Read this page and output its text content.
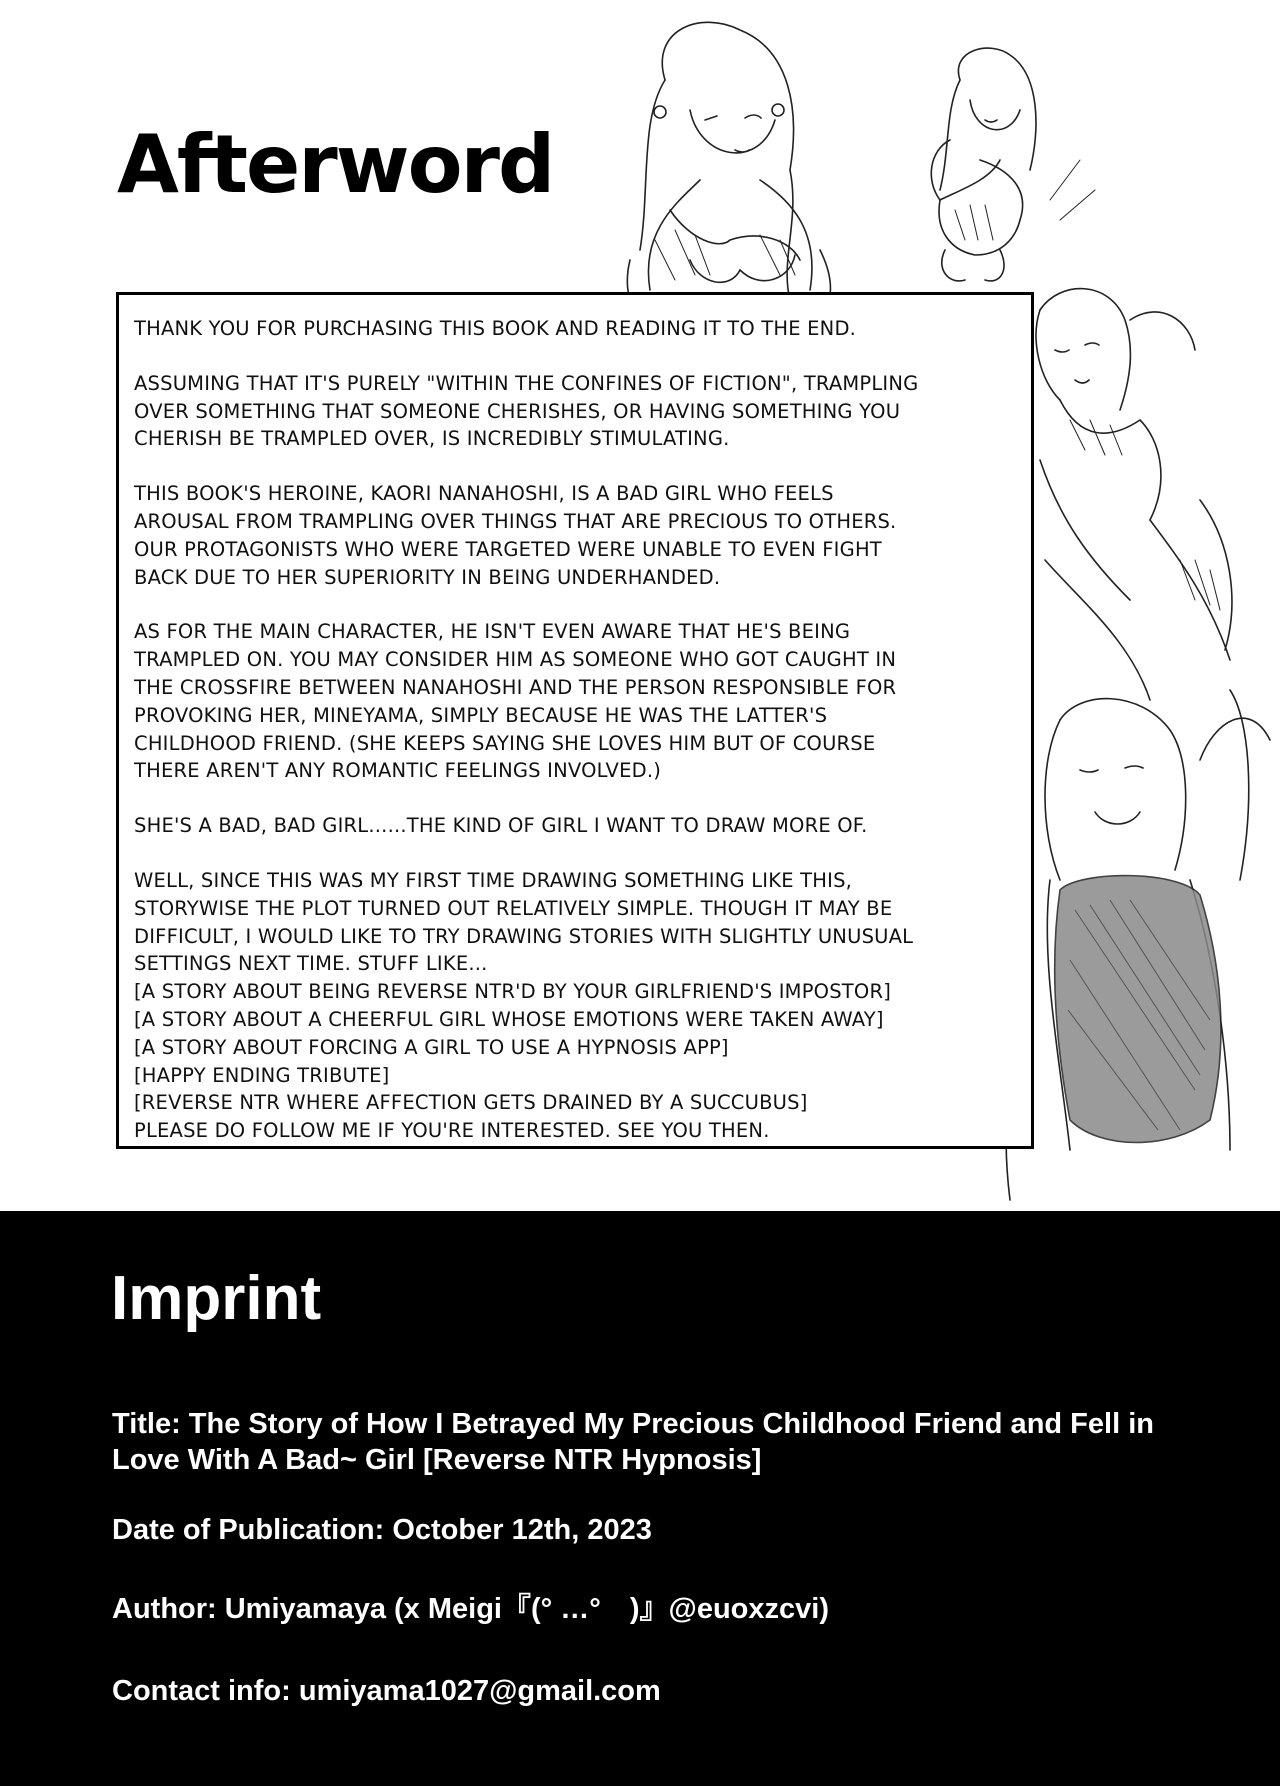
Afterword

THANK YOU FOR PURCHASING THIS BOOK AND READING IT TO THE END.

ASSUMING THAT IT'S PURELY "WITHIN THE CONFINES OF FICTION", TRAMPLING
OVER SOMETHING THAT SOMEONE CHERISHES, OR HAVING SOMETHING YOU
CHERISH BE TRAMPLED OVER, IS INCREDIBLY STIMULATING.

THIS BOOK'S HEROINE, KAORI NANAHOSHI, IS A BAD GIRL WHO FEELS
AROUSAL FROM TRAMPLING OVER THINGS THAT ARE PRECIOUS TO OTHERS.
OUR PROTAGONISTS WHO WERE TARGETED WERE UNABLE TO EVEN FIGHT
BACK DUE TO HER SUPERIORITY IN BEING UNDERHANDED.

AS FOR THE MAIN CHARACTER, HE ISN'T EVEN AWARE THAT HE'S BEING
TRAMPLED ON. YOU MAY CONSIDER HIM AS SOMEONE WHO GOT CAUGHT IN
THE CROSSFIRE BETWEEN NANAHOSHI AND THE PERSON RESPONSIBLE FOR
PROVOKING HER, MINEYAMA, SIMPLY BECAUSE HE WAS THE LATTER'S
CHILDHOOD FRIEND. (SHE KEEPS SAYING SHE LOVES HIM BUT OF COURSE
THERE AREN'T ANY ROMANTIC FEELINGS INVOLVED.)

SHE'S A BAD, BAD GIRL......THE KIND OF GIRL I WANT TO DRAW MORE OF.

WELL, SINCE THIS WAS MY FIRST TIME DRAWING SOMETHING LIKE THIS,
STORYWISE THE PLOT TURNED OUT RELATIVELY SIMPLE. THOUGH IT MAY BE
DIFFICULT, I WOULD LIKE TO TRY DRAWING STORIES WITH SLIGHTLY UNUSUAL
SETTINGS NEXT TIME. STUFF LIKE...
[A STORY ABOUT BEING REVERSE NTR'D BY YOUR GIRLFRIEND'S IMPOSTOR]
[A STORY ABOUT A CHEERFUL GIRL WHOSE EMOTIONS WERE TAKEN AWAY]
[A STORY ABOUT FORCING A GIRL TO USE A HYPNOSIS APP]
[HAPPY ENDING TRIBUTE]
[REVERSE NTR WHERE AFFECTION GETS DRAINED BY A SUCCUBUS]
PLEASE DO FOLLOW ME IF YOU'RE INTERESTED. SEE YOU THEN.

Imprint

Title: The Story of How I Betrayed My Precious Childhood Friend and Fell in Love With A Bad~ Girl [Reverse NTR Hypnosis]

Date of Publication: October 12th, 2023

Author: Umiyamaya (x Meigi『(° …°　)』@euoxzcvi)

Contact info: umiyama1027@gmail.com
